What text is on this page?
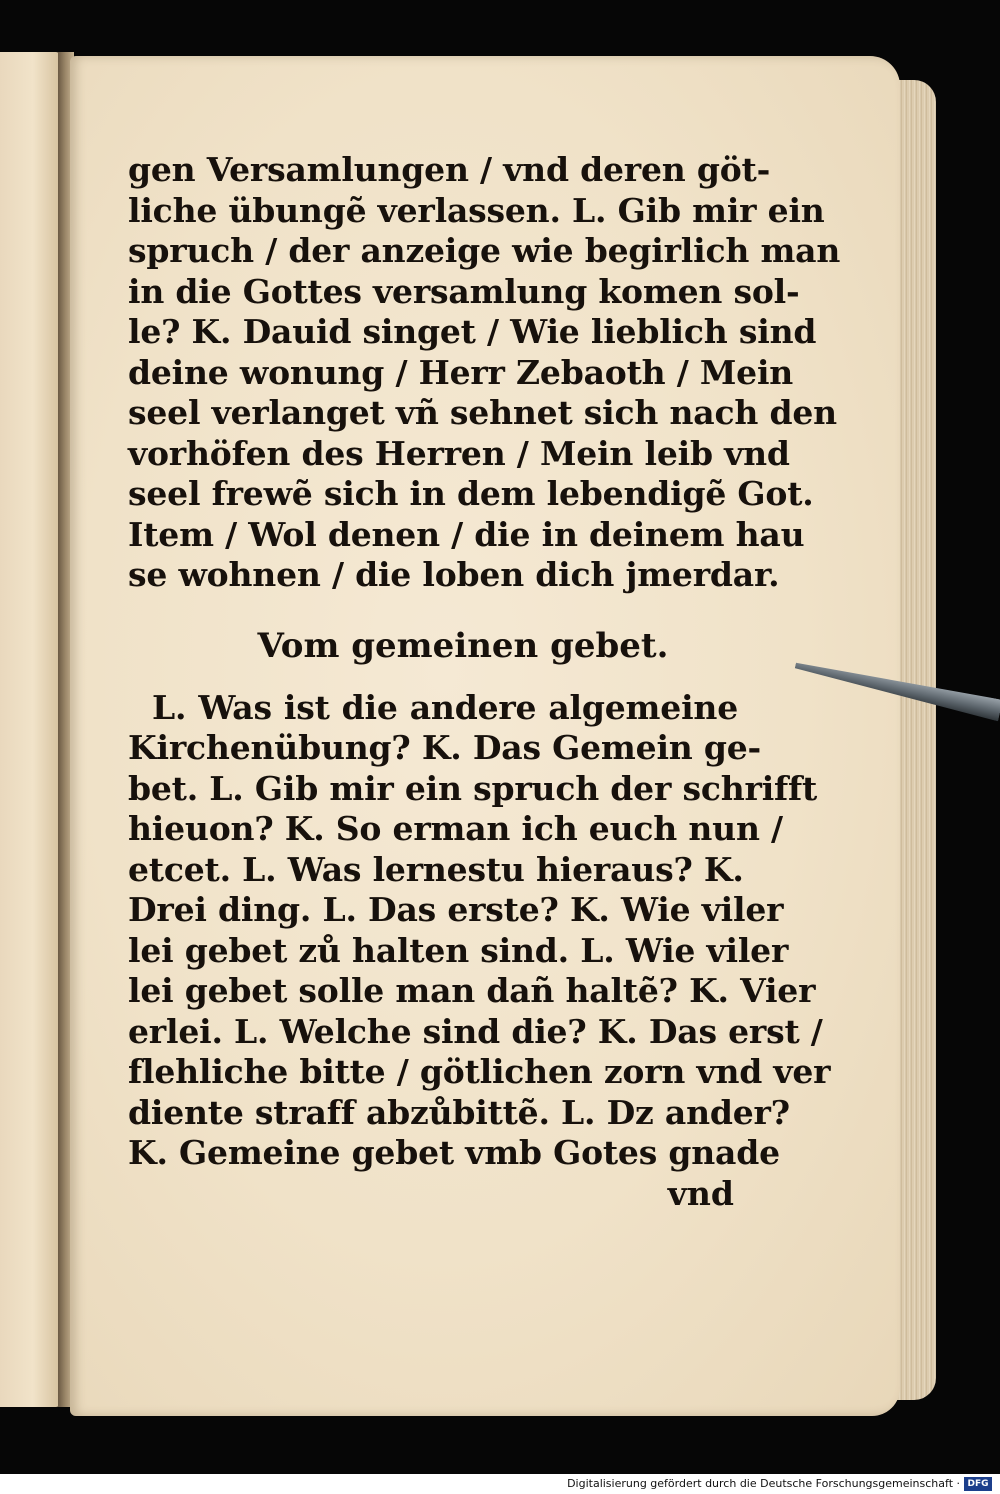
gen Versamlungen / vnd deren göt-
liche übungẽ verlassen. L. Gib mir ein
spruch / der anzeige wie begirlich man
in die Gottes versamlung komen sol-
le? K. Dauid singet / Wie lieblich sind
deine wonung / Herr Zebaoth / Mein
seel verlanget vñ sehnet sich nach den
vorhöfen des Herren / Mein leib vnd
seel frewẽ sich in dem lebendigẽ Got.
Item / Wol denen / die in deinem hau
se wohnen / die loben dich jmerdar.
Vom gemeinen gebet.
L. Was ist die andere algemeine
Kirchenübung? K. Das Gemein ge-
bet. L. Gib mir ein spruch der schrifft
hieuon? K. So erman ich euch nun /
etcet. L. Was lernestu hieraus? K.
Drei ding. L. Das erste? K. Wie viler
lei gebet zů halten sind. L. Wie viler
lei gebet solle man dañ haltẽ? K. Vier
erlei. L. Welche sind die? K. Das erst /
flehliche bitte / götlichen zorn vnd ver
diente straff abzůbittẽ. L. Dz ander?
K. Gemeine gebet vmb Gotes gnade
vnd
Digitalisierung gefördert durch die Deutsche Forschungsgemeinschaft · DFG
